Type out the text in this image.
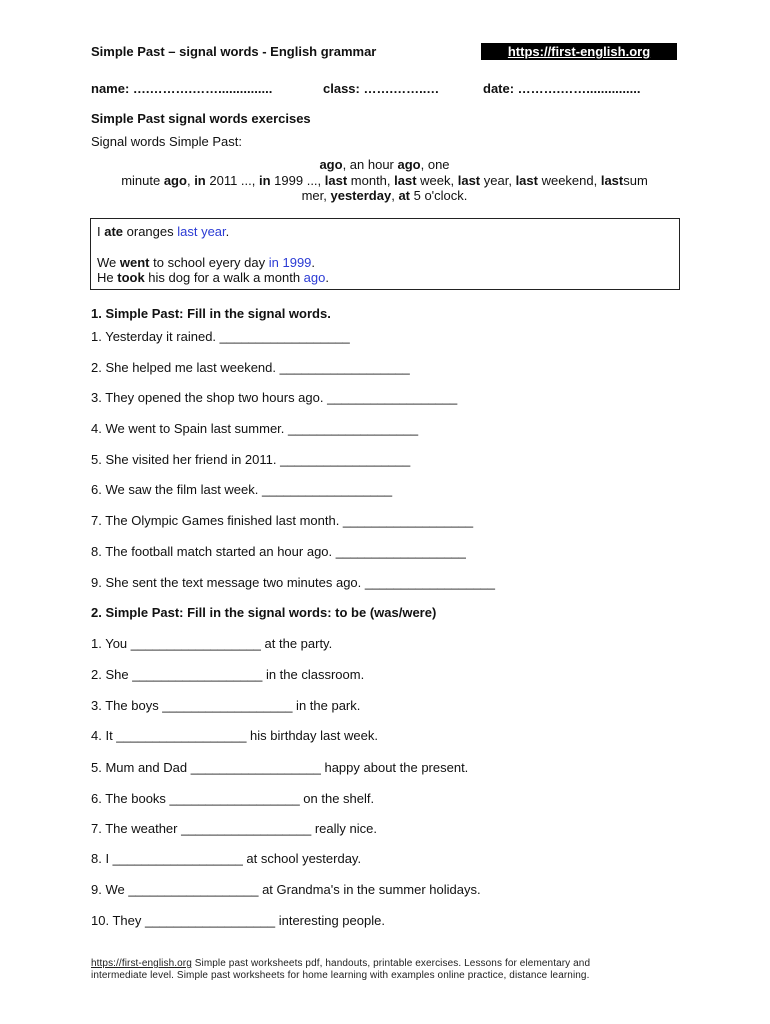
Simple Past – signal words - English grammar	https://first-english.org
name: ….……….……...............	class: …….……..…	date: ……….……...............
Simple Past signal words exercises
Signal words Simple Past:
ago, an hour ago, one
minute ago, in 2011 ..., in 1999 ..., last month, last week, last year, last weekend, lastsum
mer, yesterday, at 5 o'clock.
I ate oranges last year.
We went to school eyery day in 1999.
He took his dog for a walk a month ago.
1. Simple Past: Fill in the signal words.
1. Yesterday it rained. __________________
2. She helped me last weekend. __________________
3. They opened the shop two hours ago. __________________
4. We went to Spain last summer. __________________
5. She visited her friend in 2011. __________________
6. We saw the film last week. __________________
7. The Olympic Games finished last month. __________________
8. The football match started an hour ago. __________________
9. She sent the text message two minutes ago. __________________
2. Simple Past: Fill in the signal words: to be (was/were)
1. You __________________ at the party.
2. She __________________ in the classroom.
3. The boys __________________ in the park.
4. It __________________ his birthday last week.
5. Mum and Dad __________________ happy about the present.
6. The books __________________ on the shelf.
7. The weather __________________ really nice.
8. I __________________ at school yesterday.
9. We __________________ at Grandma's in the summer holidays.
10. They __________________ interesting people.
https://first-english.org Simple past worksheets pdf, handouts, printable exercises. Lessons for elementary and
intermediate level. Simple past worksheets for home learning with examples online practice, distance learning.
